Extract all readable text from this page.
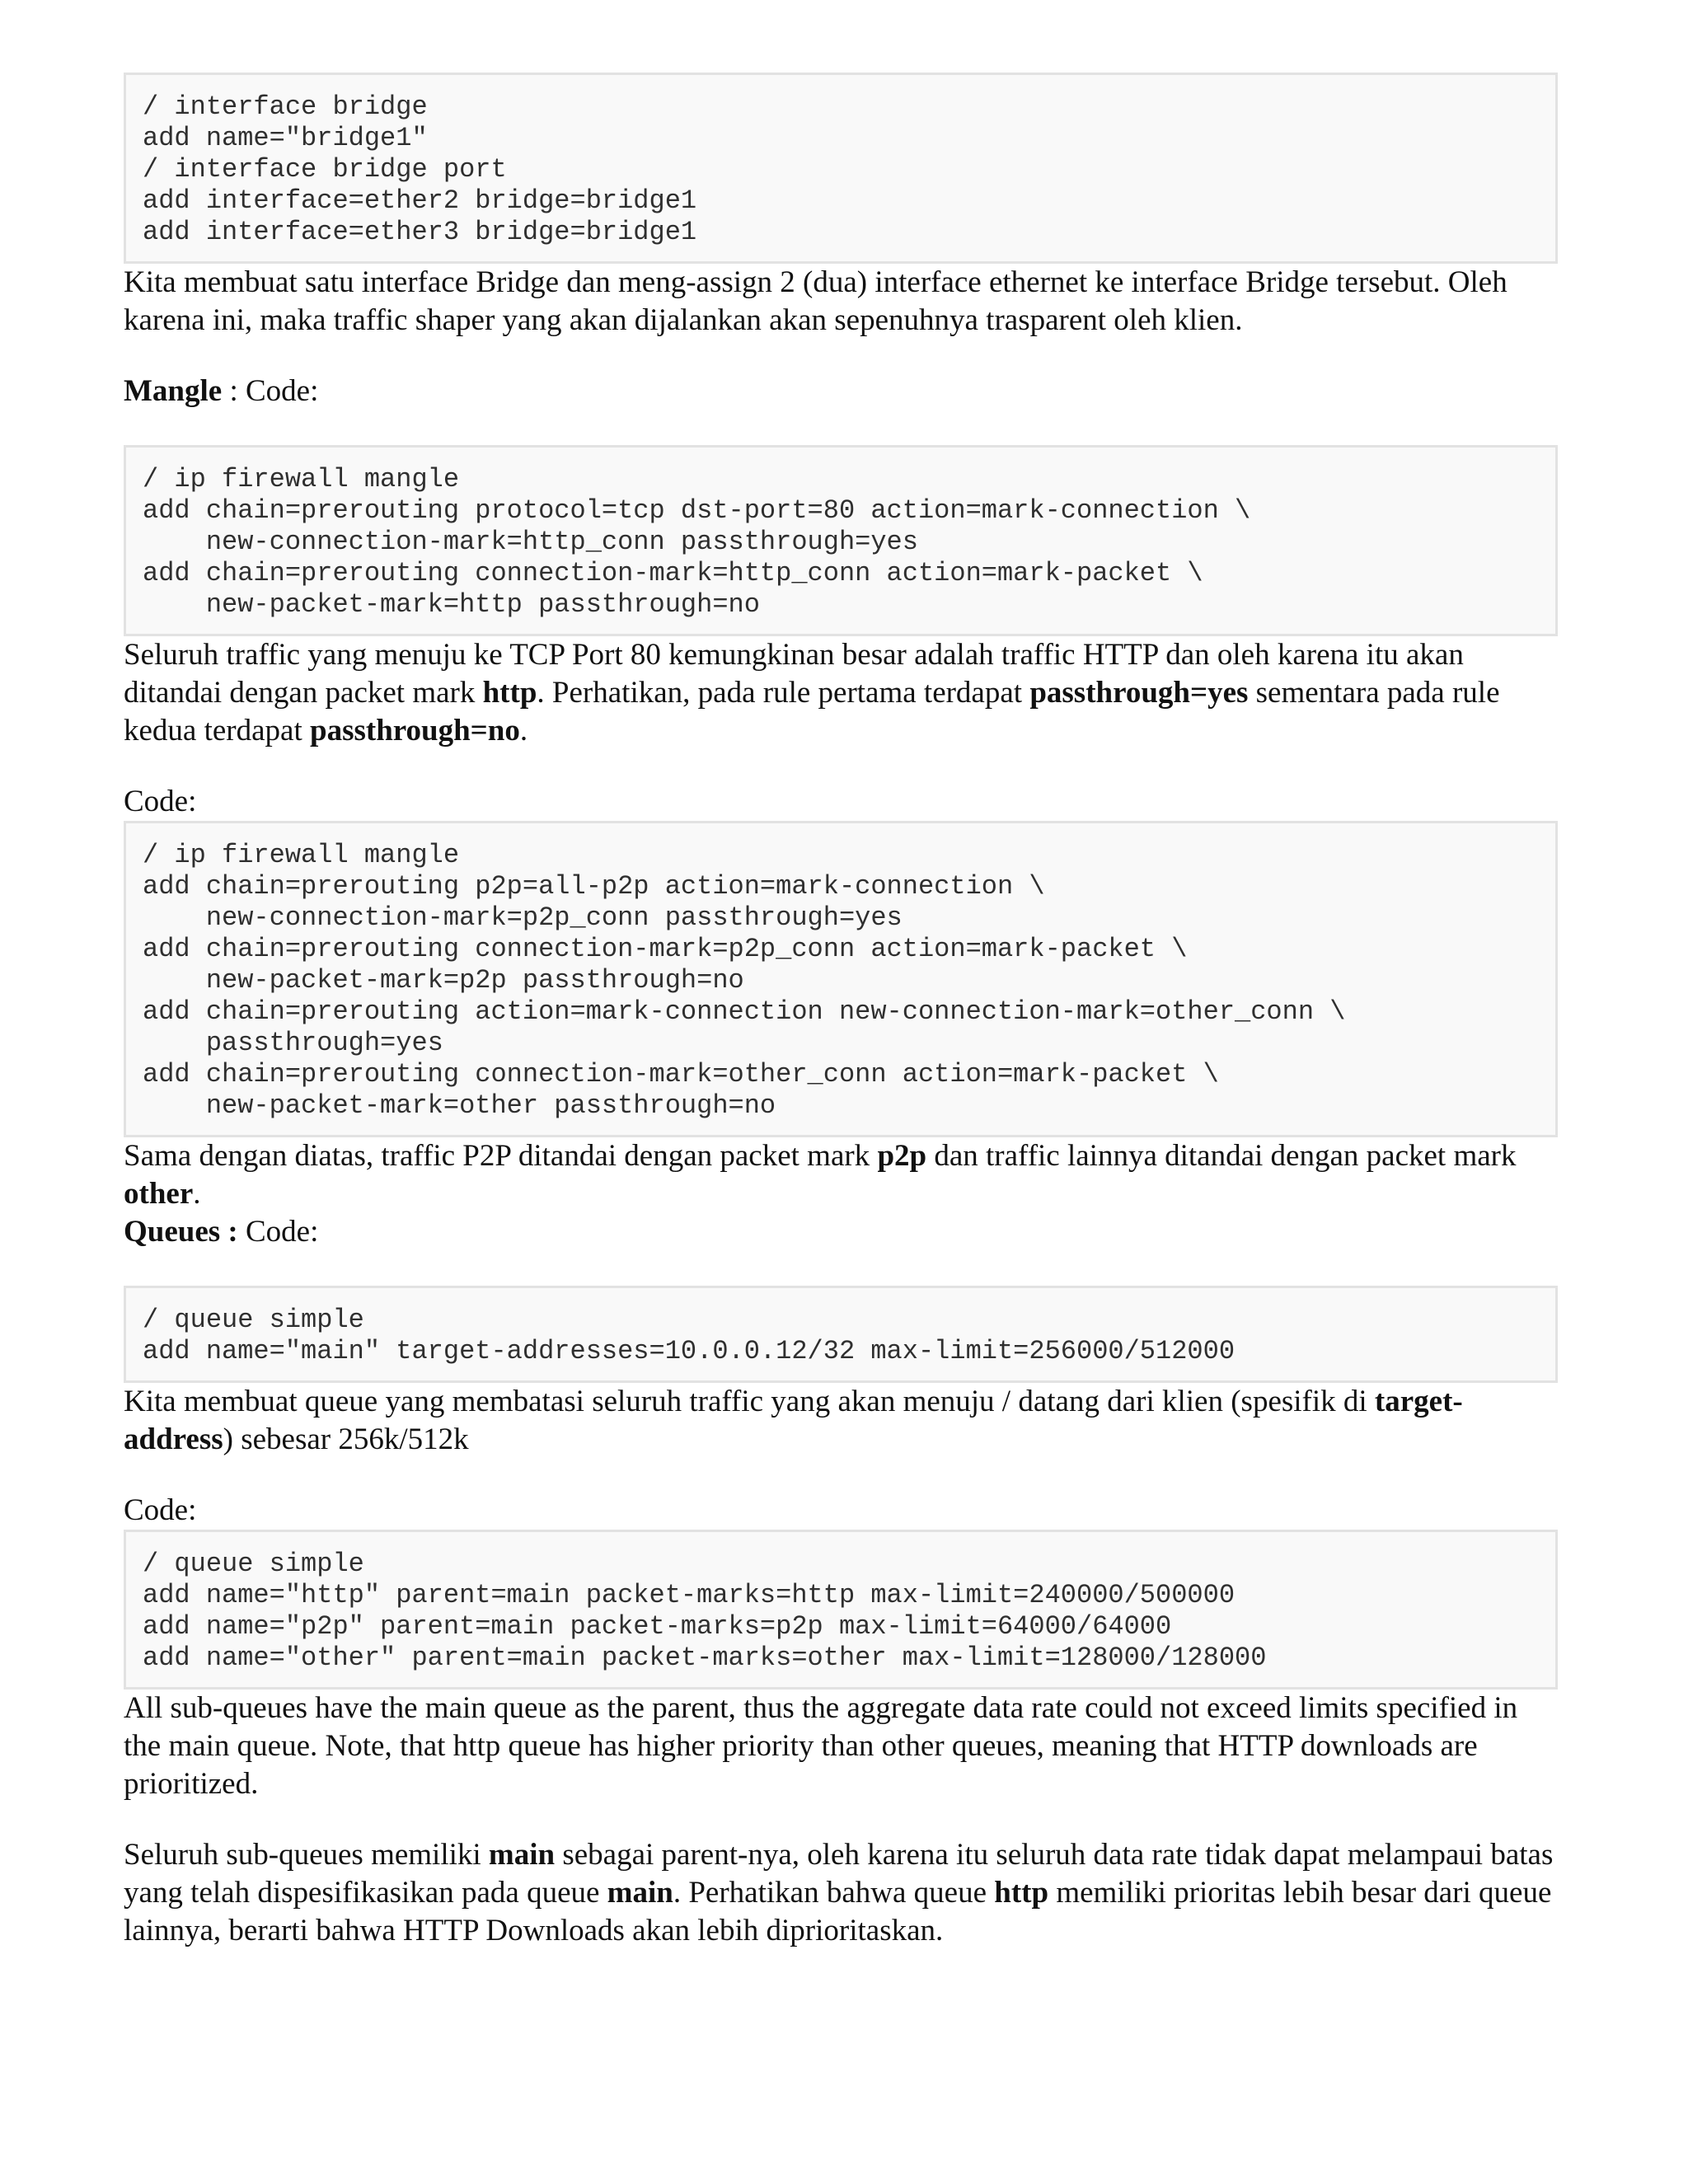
/ interface bridge
add name="bridge1"
/ interface bridge port
add interface=ether2 bridge=bridge1
add interface=ether3 bridge=bridge1

Kita membuat satu interface Bridge dan meng-assign 2 (dua) interface ethernet ke interface Bridge tersebut. Oleh karena ini, maka traffic shaper yang akan dijalankan akan sepenuhnya trasparent oleh klien.

Mangle : Code:

/ ip firewall mangle
add chain=prerouting protocol=tcp dst-port=80 action=mark-connection \
new-connection-mark=http_conn passthrough=yes
add chain=prerouting connection-mark=http_conn action=mark-packet \
new-packet-mark=http passthrough=no

Seluruh traffic yang menuju ke TCP Port 80 kemungkinan besar adalah traffic HTTP dan oleh karena itu akan ditandai dengan packet mark http. Perhatikan, pada rule pertama terdapat passthrough=yes sementara pada rule kedua terdapat passthrough=no.

Code:

/ ip firewall mangle
add chain=prerouting p2p=all-p2p action=mark-connection \
new-connection-mark=p2p_conn passthrough=yes
add chain=prerouting connection-mark=p2p_conn action=mark-packet \
new-packet-mark=p2p passthrough=no
add chain=prerouting action=mark-connection new-connection-mark=other_conn \
passthrough=yes
add chain=prerouting connection-mark=other_conn action=mark-packet \
new-packet-mark=other passthrough=no

Sama dengan diatas, traffic P2P ditandai dengan packet mark p2p dan traffic lainnya ditandai dengan packet mark other.

Queues : Code:

/ queue simple
add name="main" target-addresses=10.0.0.12/32 max-limit=256000/512000

Kita membuat queue yang membatasi seluruh traffic yang akan menuju / datang dari klien (spesifik di target-address) sebesar 256k/512k

Code:

/ queue simple
add name="http" parent=main packet-marks=http max-limit=240000/500000
add name="p2p" parent=main packet-marks=p2p max-limit=64000/64000
add name="other" parent=main packet-marks=other max-limit=128000/128000

All sub-queues have the main queue as the parent, thus the aggregate data rate could not exceed limits specified in the main queue. Note, that http queue has higher priority than other queues, meaning that HTTP downloads are prioritized.

Seluruh sub-queues memiliki main sebagai parent-nya, oleh karena itu seluruh data rate tidak dapat melampaui batas yang telah dispesifikasikan pada queue main. Perhatikan bahwa queue http memiliki prioritas lebih besar dari queue lainnya, berarti bahwa HTTP Downloads akan lebih diprioritaskan.
